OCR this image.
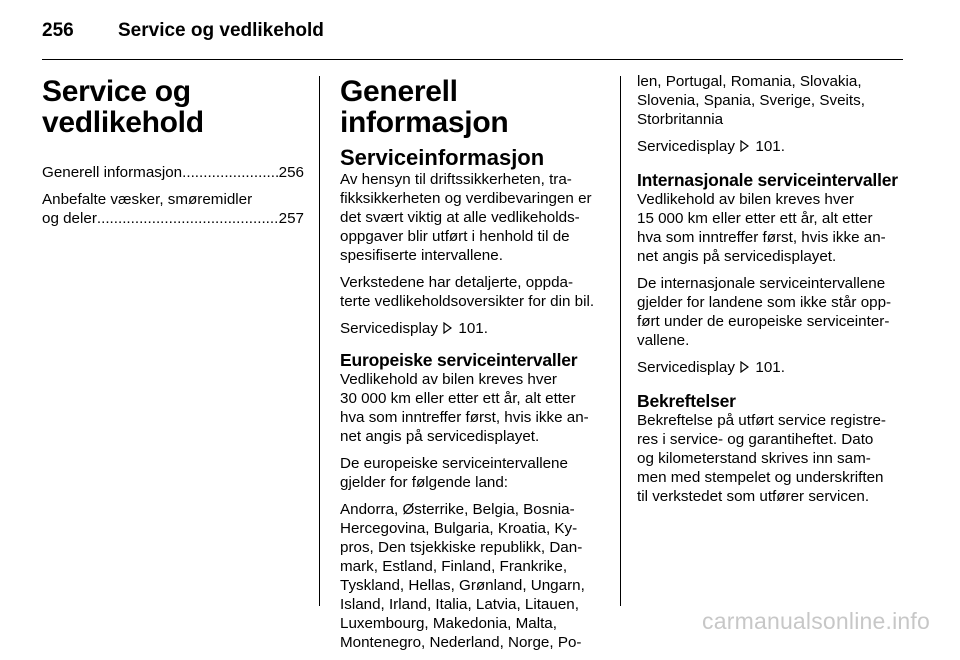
256 Service og vedlikehold
Service og
vedlikehold
Generell informasjon .....	256
Anbefalte væsker, smøremidler
og deler .....	257
Generell informasjon
Serviceinformasjon

Av hensyn til driftssikkerheten, tra-
fikksikkerheten og verdibevaringen er
det svært viktig at alle vedlikeholds-
oppgaver blir utført i henhold til de
spesifiserte intervallene.

Verkstedene har detaljerte, oppda-
terte vedlikeholdsoversikter for din bil.

Servicedisplay 101.

Europeiske serviceintervaller

Vedlikehold av bilen kreves hver
30 000 km eller etter ett år, alt etter
hva som inntreffer først, hvis ikke an-
net angis på servicedisplayet.

De europeiske serviceintervallene
gjelder for følgende land:

Andorra, Østerrike, Belgia, Bosnia-
Hercegovina, Bulgaria, Kroatia, Ky-
pros, Den tsjekkiske republikk, Dan-
mark, Estland, Finland, Frankrike,
Tyskland, Hellas, Grønland, Ungarn,
Island, Irland, Italia, Latvia, Litauen,
Luxembourg, Makedonia, Malta,
Montenegro, Nederland, Norge, Po-

len, Portugal, Romania, Slovakia,
Slovenia, Spania, Sverige, Sveits,
Storbritannia

Servicedisplay 101.

Internasjonale serviceintervaller

Vedlikehold av bilen kreves hver
15 000 km eller etter ett år, alt etter
hva som inntreffer først, hvis ikke an-
net angis på servicedisplayet.

De internasjonale serviceintervallene
gjelder for landene som ikke står opp-
ført under de europeiske serviceinter-
vallene.

Servicedisplay 101.

Bekreftelser

Bekreftelse på utført service registre-
res i service- og garantiheftet. Dato
og kilometerstand skrives inn sam-
men med stempelet og underskriften
til verkstedet som utfører servicen.

carmanualsonline.info
